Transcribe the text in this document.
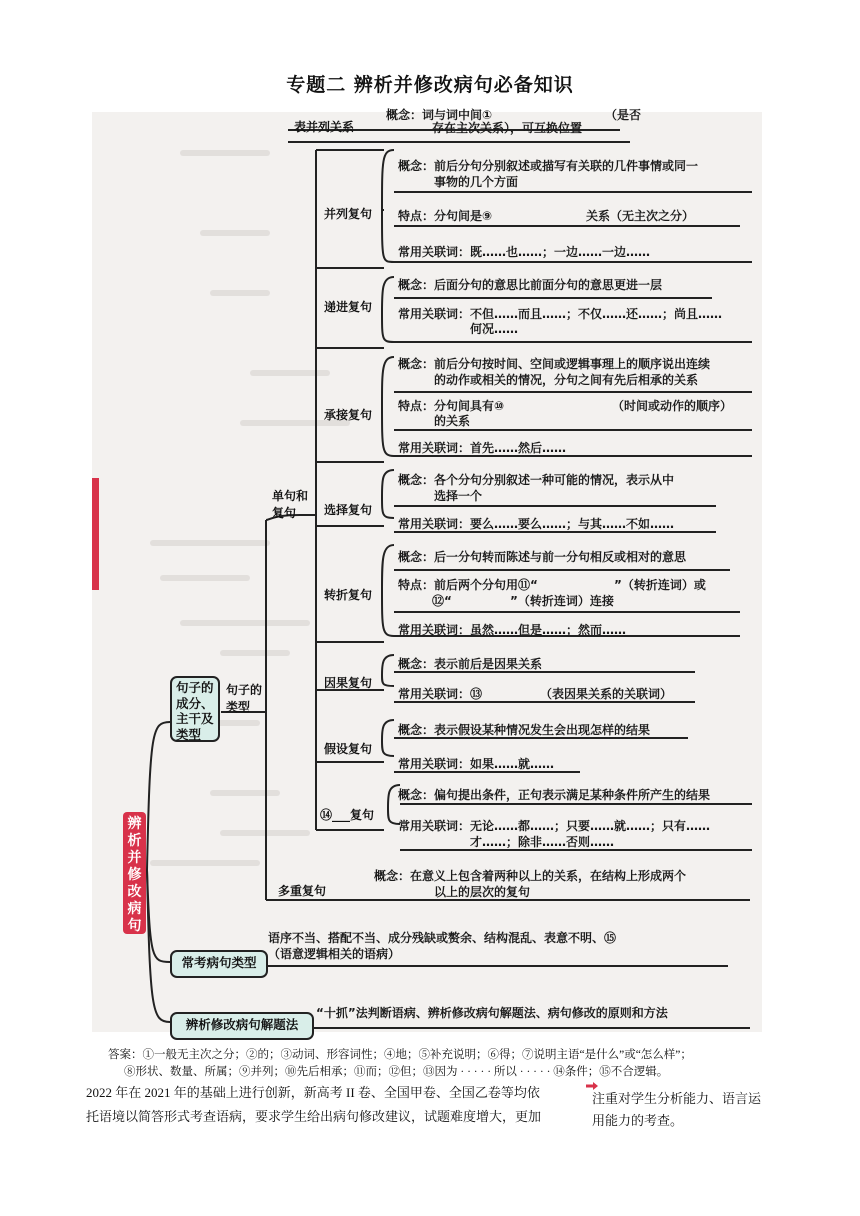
专题二 辨析并修改病句必备知识
表并列关系
概念：词与词中间①	（是否
存在主次关系），可互换位置
并列复句
概念：前后分句分别叙述或描写有关联的几件事情或同一
事物的几个方面
特点：分句间是⑨	关系（无主次之分）
常用关联词：既……也……；一边……一边……
递进复句
概念：后面分句的意思比前面分句的意思更进一层
常用关联词：不但……而且……；不仅……还……；尚且……
何况……
承接复句
概念：前后分句按时间、空间或逻辑事理上的顺序说出连续
的动作或相关的情况，分句之间有先后相承的关系
特点：分句间具有⑩	（时间或动作的顺序）
的关系
常用关联词：首先……然后……
单句和
复句	选择复句
概念：各个分句分别叙述一种可能的情况，表示从中
选择一个
常用关联词：要么……要么……；与其……不如……
转折复句
概念：后一分句转而陈述与前一分句相反或相对的意思
特点：前后两个分句用⑪“	”（转折连词）或
⑫“	”（转折连词）连接
常用关联词：虽然……但是……；然而……
句子的类型
因果复句
概念：表示前后是因果关系
常用关联词：⑬	（表因果关系的关联词）
假设复句
概念：表示假设某种情况发生会出现怎样的结果
常用关联词：如果……就……
⑭___复句
概念：偏句提出条件，正句表示满足某种条件所产生的结果
常用关联词：无论……都……；只要……就……；只有……
才……；除非……否则……
多重复句
概念：在意义上包含着两种以上的关系，在结构上形成两个
以上的层次的复句
句子的
成分、
主干及
类型
常考病句类型
辨析修改病句解题法
语序不当、搭配不当、成分残缺或赘余、结构混乱、表意不明、⑮
（语意逻辑相关的语病）
“十抓”法判断语病、辨析修改病句解题法、病句修改的原则和方法
辨
析
并
修
改
病
句
答案：①一般无主次之分；②的；③动词、形容词性；④地；⑤补充说明；⑥得；⑦说明主语“是什么”或“怎么样”；
⑧形状、数量、所属；⑨并列；⑩先后相承；⑪而；⑫但；⑬因为 · · · · · 所以 · · · · · ⑭条件；⑮不合逻辑。
2022 年在 2021 年的基础上进行创新，新高考 II 卷、全国甲卷、全国乙卷等均依	注重对学生分析能力、语言运
托语境以简答形式考查语病，要求学生给出病句修改建议，试题难度增大，更加	用能力的考查。
